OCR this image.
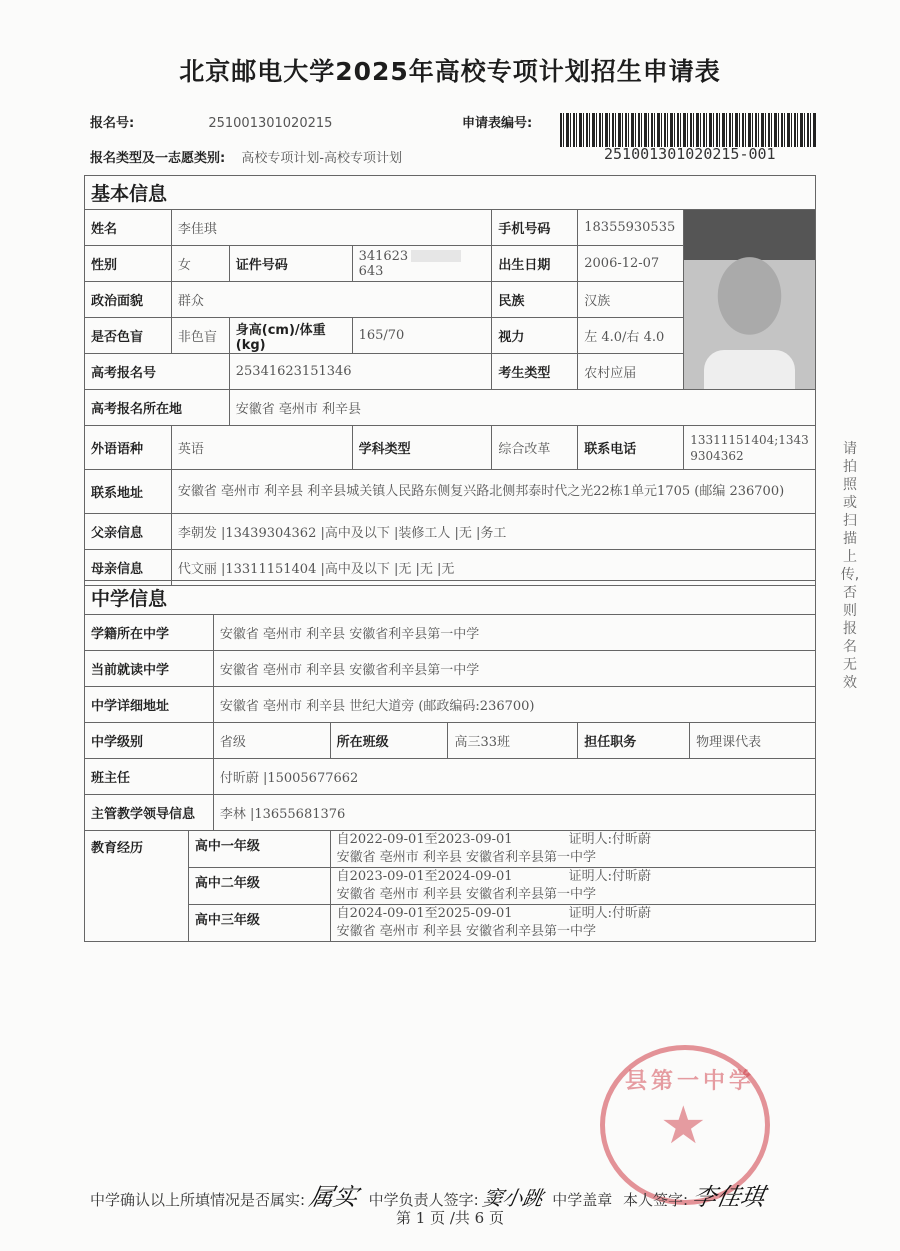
北京邮电大学2025年高校专项计划招生申请表
报名号:	251001301020215	申请表编号:
251001301020215-001
报名类型及一志愿类别: 高校专项计划-高校专项计划
基本信息						
姓名	李佳琪			手机号码	18355930535	

性别	女	证件号码	341623643	出生日期	2006-12-07	
政治面貌	群众			民族	汉族	
是否色盲	非色盲	身高(cm)/体重(kg)	165/70	视力	左 4.0/右 4.0	
高考报名号		25341623151346		考生类型	农村应届	
高考报名所在地		安徽省 亳州市 利辛县				
外语语种	英语		学科类型	综合改革	联系电话	13311151404;13439304362
联系地址	安徽省 亳州市 利辛县 利辛县城关镇人民路东侧复兴路北侧邦泰时代之光22栋1单元1705 (邮编 236700)					
父亲信息	李朝发 |13439304362 |高中及以下 |装修工人 |无 |务工					
母亲信息	代文丽 |13311151404 |高中及以下 |无 |无 |无					
中学信息						
学籍所在中学		安徽省 亳州市 利辛县 安徽省利辛县第一中学				
当前就读中学		安徽省 亳州市 利辛县 安徽省利辛县第一中学				
中学详细地址		安徽省 亳州市 利辛县 世纪大道旁 (邮政编码:236700)				
中学级别		省级	所在班级	高三33班	担任职务	物理课代表
班主任		付昕蔚 |15005677662				
主管教学领导信息		李林 |13655681376				
教育经历	高中一年级		自2022-09-01至2023-09-01 证明人:付昕蔚
安徽省 亳州市 利辛县 安徽省利辛县第一中学			

	高中二年级		自2023-09-01至2024-09-01 证明人:付昕蔚
安徽省 亳州市 利辛县 安徽省利辛县第一中学			

	高中三年级		自2024-09-01至2025-09-01 证明人:付昕蔚
安徽省 亳州市 利辛县 安徽省利辛县第一中学			
请拍照或扫描上传,否则报名无效
县第一中学
★
中学确认以上所填情况是否属实: 属实 中学负责人签字: 窦小跳 中学盖章 本人签字: 李佳琪
第 1 页 /共 6 页
